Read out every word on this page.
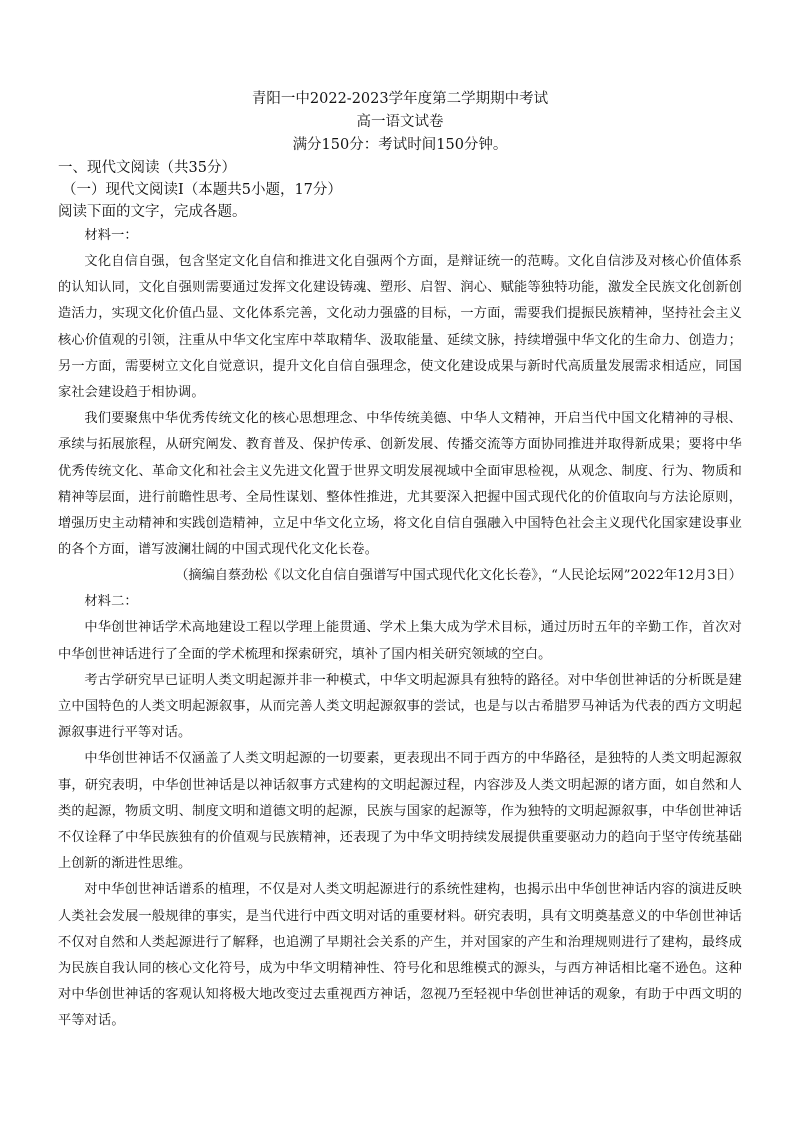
青阳一中2022-2023学年度第二学期期中考试
高一语文试卷
满分150分：考试时间150分钟。
一、现代文阅读（共35分）
（一）现代文阅读Ⅰ（本题共5小题，17分）
阅读下面的文字，完成各题。

材料一：

文化自信自强，包含坚定文化自信和推进文化自强两个方面，是辩证统一的范畴。文化自信涉及对核心价值体系的认知认同，文化自强则需要通过发挥文化建设铸魂、塑形、启智、润心、赋能等独特功能，激发全民族文化创新创造活力，实现文化价值凸显、文化体系完善，文化动力强盛的目标，一方面，需要我们提振民族精神，坚持社会主义核心价值观的引领，注重从中华文化宝库中萃取精华、汲取能量、延续文脉，持续增强中华文化的生命力、创造力；另一方面，需要树立文化自觉意识，提升文化自信自强理念，使文化建设成果与新时代高质量发展需求相适应，同国家社会建设趋于相协调。

我们要聚焦中华优秀传统文化的核心思想理念、中华传统美德、中华人文精神，开启当代中国文化精神的寻根、承续与拓展旅程，从研究阐发、教育普及、保护传承、创新发展、传播交流等方面协同推进并取得新成果；要将中华优秀传统文化、革命文化和社会主义先进文化置于世界文明发展视域中全面审思检视，从观念、制度、行为、物质和精神等层面，进行前瞻性思考、全局性谋划、整体性推进，尤其要深入把握中国式现代化的价值取向与方法论原则，增强历史主动精神和实践创造精神，立足中华文化立场，将文化自信自强融入中国特色社会主义现代化国家建设事业的各个方面，谱写波澜壮阔的中国式现代化文化长卷。

（摘编自蔡劲松《以文化自信自强谱写中国式现代化文化长卷》，“人民论坛网”2022年12月3日）

材料二：

中华创世神话学术高地建设工程以学理上能贯通、学术上集大成为学术目标，通过历时五年的辛勤工作，首次对中华创世神话进行了全面的学术梳理和探索研究，填补了国内相关研究领域的空白。

考古学研究早已证明人类文明起源并非一种模式，中华文明起源具有独特的路径。对中华创世神话的分析既是建立中国特色的人类文明起源叙事，从而完善人类文明起源叙事的尝试，也是与以古希腊罗马神话为代表的西方文明起源叙事进行平等对话。

中华创世神话不仅涵盖了人类文明起源的一切要素，更表现出不同于西方的中华路径，是独特的人类文明起源叙事，研究表明，中华创世神话是以神话叙事方式建构的文明起源过程，内容涉及人类文明起源的诸方面，如自然和人类的起源，物质文明、制度文明和道德文明的起源，民族与国家的起源等，作为独特的文明起源叙事，中华创世神话不仅诠释了中华民族独有的价值观与民族精神，还表现了为中华文明持续发展提供重要驱动力的趋向于坚守传统基础上创新的渐进性思维。

对中华创世神话谱系的植理，不仅是对人类文明起源进行的系统性建构，也揭示出中华创世神话内容的演进反映人类社会发展一般规律的事实，是当代进行中西文明对话的重要材料。研究表明，具有文明奠基意义的中华创世神话不仅对自然和人类起源进行了解释，也追溯了早期社会关系的产生，并对国家的产生和治理规则进行了建构，最终成为民族自我认同的核心文化符号，成为中华文明精神性、符号化和思维模式的源头，与西方神话相比毫不逊色。这种对中华创世神话的客观认知将极大地改变过去重视西方神话，忽视乃至轻视中华创世神话的观象，有助于中西文明的平等对话。
